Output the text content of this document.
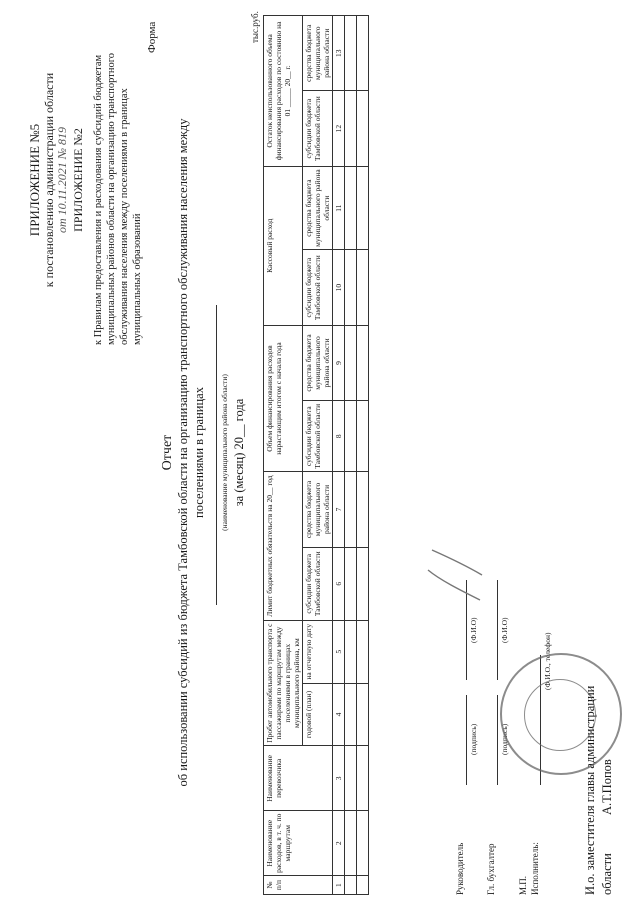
ПРИЛОЖЕНИЕ №5 к постановлению администрации области от 10.11.2021 № 819 ПРИЛОЖЕНИЕ №2 к Правилам предоставления и расходования субсидий бюджетам муниципальных районов области на организацию транспортного обслуживания населения между поселениями в границах муниципальных образований
Форма
Отчет об использовании субсидий из бюджета Тамбовской области на организацию транспортного обслуживания населения между поселениями в границах (наименование муниципального района области) за (месяц) 20__ года
тыс.руб.
№ п/п	Наименование расходов, в т. ч. по маршрутам	Наименование перевозчика	Пробег автомобильного транспорта с пассажирами по маршрутам между поселениями в границах муниципального района, км		Лимит бюджетных обязательств на 20__ год		Объем финансирования расходов нарастающим итогом с начала года		Кассовый расход		Остаток неиспользованного объема финансирования расходов по состоянию на 01 _____ 20__ г.	
			годовой (план)	на отчетную дату	субсидии бюджета Тамбовской области	средства бюджета муниципального района области	субсидии бюджета Тамбовской области	средства бюджета муниципального района области	субсидии бюджета Тамбовской области	средства бюджета муниципального района области	субсидии бюджета Тамбовской области	средства бюджета муниципального района области
1	2	3	4	5	6	7	8	9	10	11	12	13

Руководитель
(подпись)
(Ф.И.О)
Гл. бухгалтер
(подпись)
(Ф.И.О)
М.П. Исполнитель:
(Ф.И.О., телефон)
И.о. заместителя главы администрации области
А.Т.Попов
